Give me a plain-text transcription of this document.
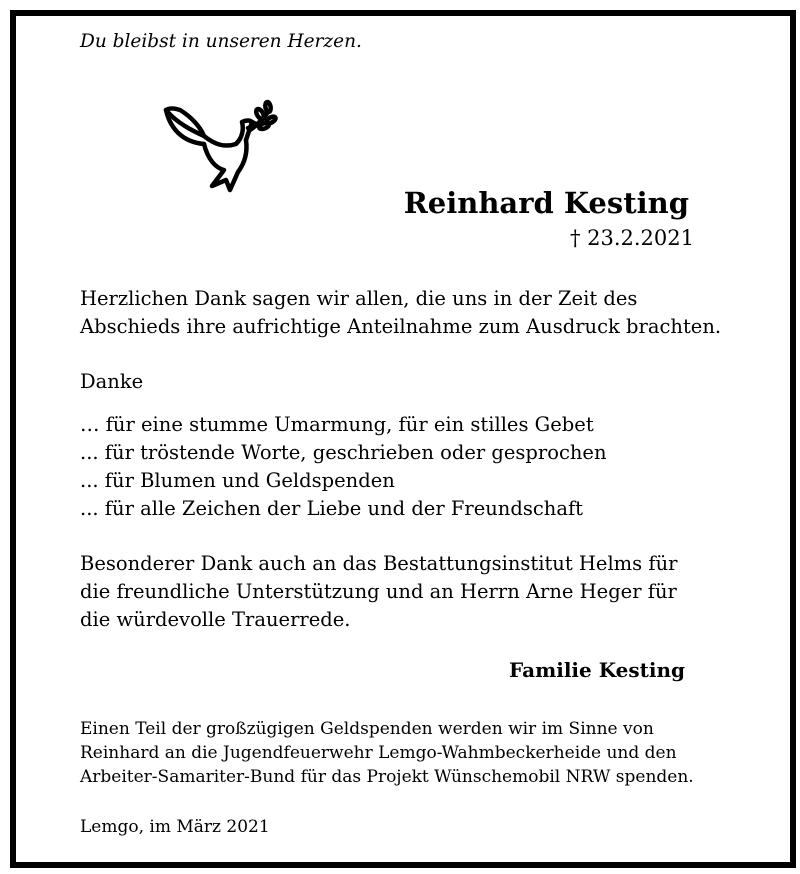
Du bleibst in unseren Herzen.
Reinhard Kesting
† 23.2.2021
Herzlichen Dank sagen wir allen, die uns in der Zeit des
Abschieds ihre aufrichtige Anteilnahme zum Ausdruck brachten.
Danke
… für eine stumme Umarmung, für ein stilles Gebet
... für tröstende Worte, geschrieben oder gesprochen
... für Blumen und Geldspenden
... für alle Zeichen der Liebe und der Freundschaft
Besonderer Dank auch an das Bestattungsinstitut Helms für
die freundliche Unterstützung und an Herrn Arne Heger für
die würdevolle Trauerrede.
Familie Kesting
Einen Teil der großzügigen Geldspenden werden wir im Sinne von
Reinhard an die Jugendfeuerwehr Lemgo-Wahmbeckerheide und den
Arbeiter-Samariter-Bund für das Projekt Wünschemobil NRW spenden.
Lemgo, im März 2021
